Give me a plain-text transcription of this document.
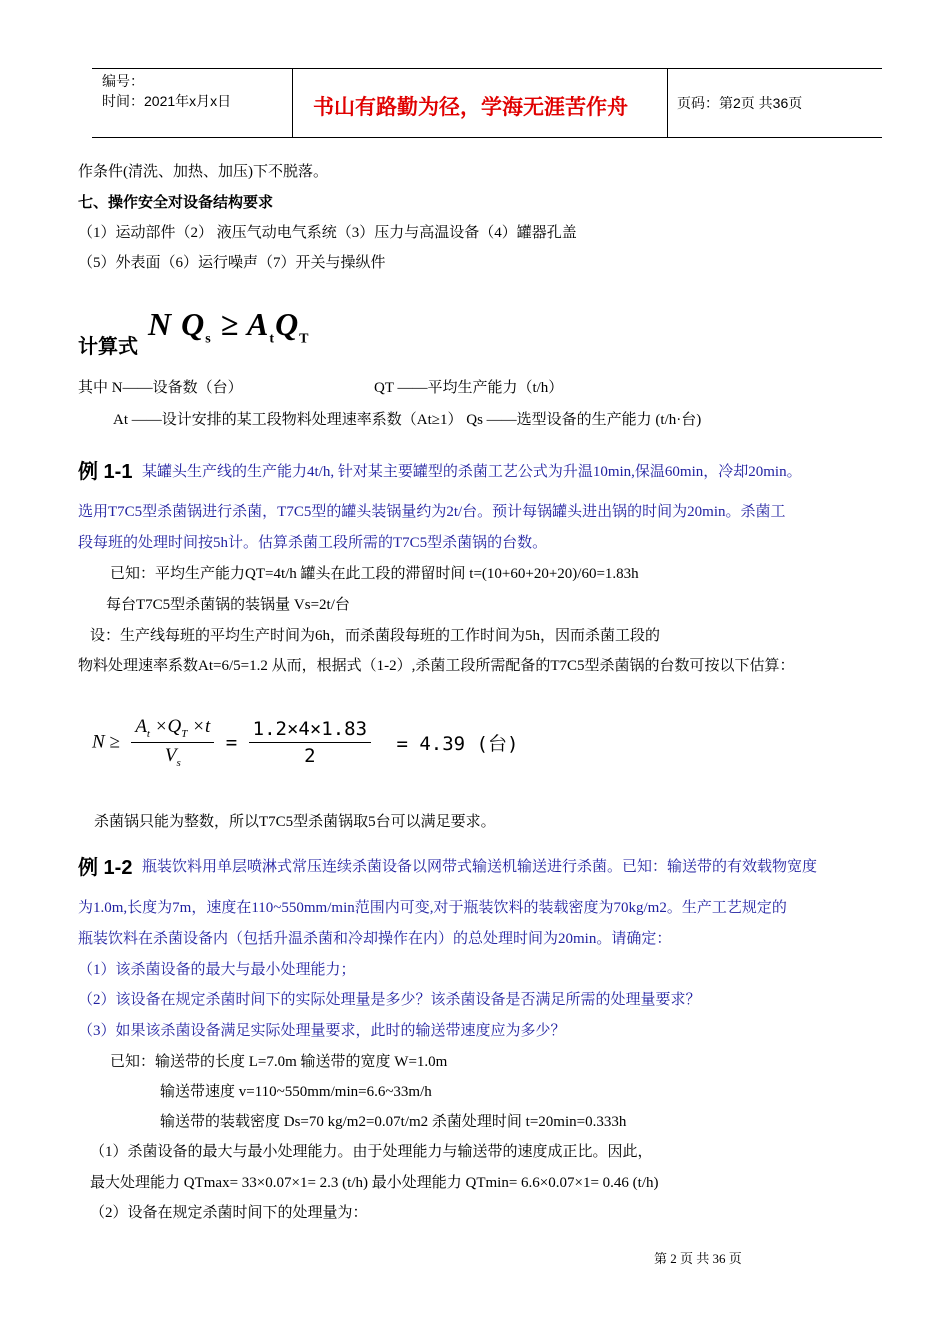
编号：
时间：2021年x月x日	书山有路勤为径，学海无涯苦作舟	页码：第2页 共36页
作条件(清洗、加热、加压)下不脱落。
七、操作安全对设备结构要求
（1）运动部件（2） 液压气动电气系统（3）压力与高温设备（4）罐器孔盖
（5）外表面（6）运行噪声（7）开关与操纵件
计算式
N $Q_s \ge A_tQ_T$
其中 N——设备数（台）	QT ——平均生产能力（t/h）
At ——设计安排的某工段物料处理速率系数（At≥1） Qs ——选型设备的生产能力 (t/h·台)
例 1-1 某罐头生产线的生产能力4t/h, 针对某主要罐型的杀菌工艺公式为升温10min,保温60min，冷却20min。
选用T7C5型杀菌锅进行杀菌，T7C5型的罐头装锅量约为2t/台。预计每锅罐头进出锅的时间为20min。杀菌工
段每班的处理时间按5h计。估算杀菌工段所需的T7C5型杀菌锅的台数。
已知：平均生产能力QT=4t/h 罐头在此工段的滞留时间 t=(10+60+20+20)/60=1.83h
每台T7C5型杀菌锅的装锅量 Vs=2t/台
设：生产线每班的平均生产时间为6h，而杀菌段每班的工作时间为5h，因而杀菌工段的
物料处理速率系数At=6/5=1.2 从而，根据式（1-2）,杀菌工段所需配备的T7C5型杀菌锅的台数可按以下估算：
$N \ge \frac{A_t \times Q_T \times t}{V_s} = \frac{1.2\times 4\times 1.83}{2} = 4.39$ (台)
杀菌锅只能为整数，所以T7C5型杀菌锅取5台可以满足要求。
例 1-2 瓶装饮料用单层喷淋式常压连续杀菌设备以网带式输送机输送进行杀菌。已知：输送带的有效载物宽度
为1.0m,长度为7m，速度在110~550mm/min范围内可变,对于瓶装饮料的装载密度为70kg/m2。生产工艺规定的
瓶装饮料在杀菌设备内（包括升温杀菌和冷却操作在内）的总处理时间为20min。请确定：
（1）该杀菌设备的最大与最小处理能力；
（2）该设备在规定杀菌时间下的实际处理量是多少？该杀菌设备是否满足所需的处理量要求？
（3）如果该杀菌设备满足实际处理量要求，此时的输送带速度应为多少？
已知：输送带的长度 L=7.0m 输送带的宽度 W=1.0m
输送带速度 v=110~550mm/min=6.6~33m/h
输送带的装载密度 Ds=70 kg/m2=0.07t/m2 杀菌处理时间 t=20min=0.333h
（1）杀菌设备的最大与最小处理能力。由于处理能力与输送带的速度成正比。因此，
最大处理能力 QTmax= 33×0.07×1= 2.3 (t/h) 最小处理能力 QTmin= 6.6×0.07×1= 0.46 (t/h)
（2）设备在规定杀菌时间下的处理量为：
第 2 页 共 36 页
